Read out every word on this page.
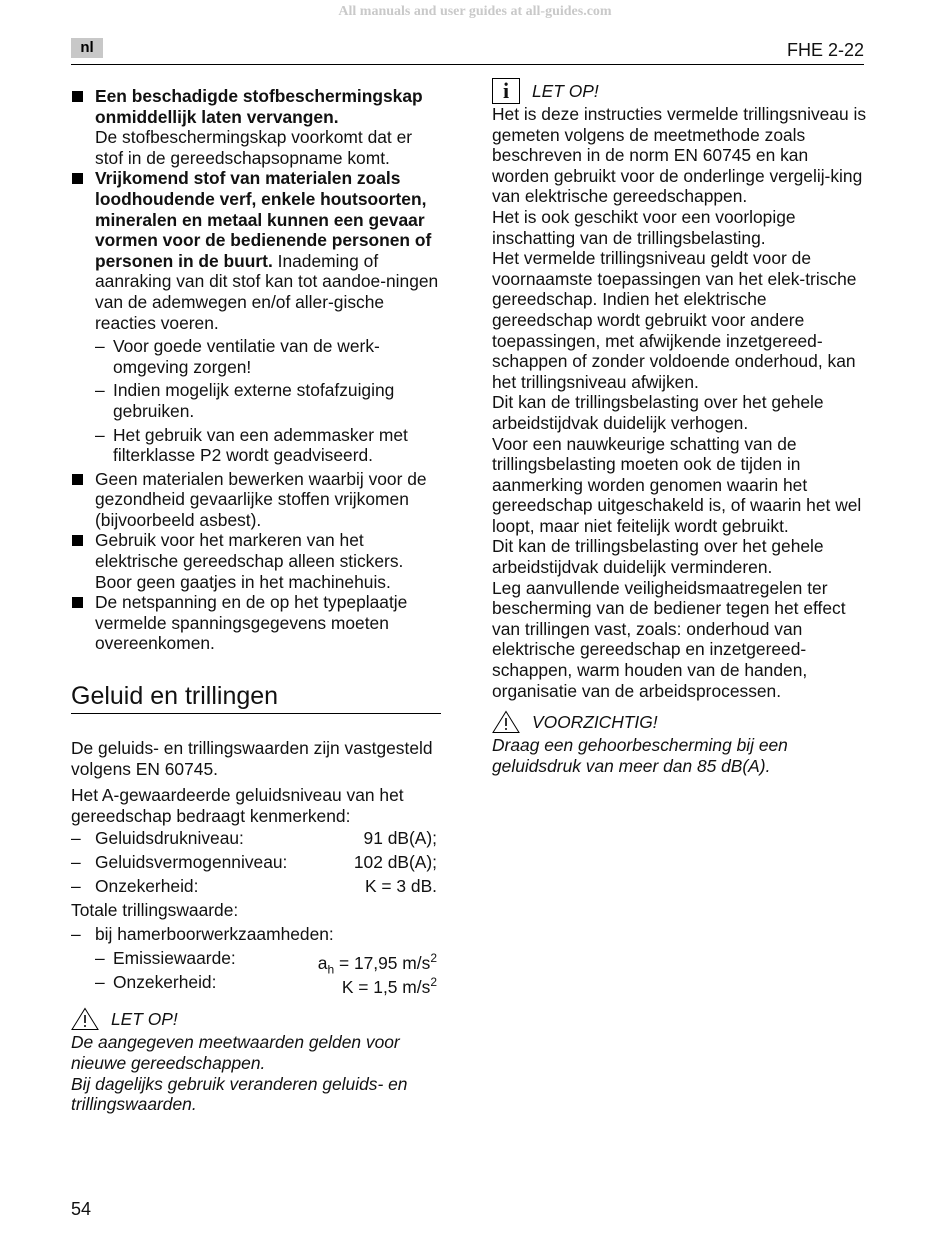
All manuals and user guides at all-guides.com
nl	FHE 2-22
Een beschadigde stofbeschermingskap onmiddellijk laten vervangen.
De stofbeschermingskap voorkomt dat er stof in de gereedschapsopname komt.
Vrijkomend stof van materialen zoals loodhoudende verf, enkele houtsoorten, mineralen en metaal kunnen een gevaar vormen voor de bedienende personen of personen in de buurt. Inademing of aanraking van dit stof kan tot aandoe-ningen van de ademwegen en/of aller-gische reacties voeren.
– Voor goede ventilatie van de werk-omgeving zorgen!
– Indien mogelijk externe stofafzuiging gebruiken.
– Het gebruik van een ademmasker met filterklasse P2 wordt geadviseerd.
Geen materialen bewerken waarbij voor de gezondheid gevaarlijke stoffen vrijkomen (bijvoorbeeld asbest).
Gebruik voor het markeren van het elektrische gereedschap alleen stickers. Boor geen gaatjes in het machinehuis.
De netspanning en de op het typeplaatje vermelde spanningsgegevens moeten overeenkomen.
Geluid en trillingen
De geluids- en trillingswaarden zijn vastgesteld volgens EN 60745.
Het A-gewaardeerde geluidsniveau van het gereedschap bedraagt kenmerkend:
– Geluidsdrukniveau:	91 dB(A);
– Geluidsvermogenniveau:	102 dB(A);
– Onzekerheid:	K = 3 dB.
Totale trillingswaarde:
– bij hamerboorwerkzaamheden:
– Emissiewaarde:	$a_h = 17,95$ $m/s^2$
– Onzekerheid:	K = 1,5 $m/s^2$
LET OP!
De aangegeven meetwaarden gelden voor nieuwe gereedschappen.
Bij dagelijks gebruik veranderen geluids- en trillingswaarden.
i	LET OP!
Het is deze instructies vermelde trillingsniveau is gemeten volgens de meetmethode zoals beschreven in de norm EN 60745 en kan worden gebruikt voor de onderlinge vergelij-king van elektrische gereedschappen.
Het is ook geschikt voor een voorlopige inschatting van de trillingsbelasting.
Het vermelde trillingsniveau geldt voor de voornaamste toepassingen van het elek-trische gereedschap. Indien het elektrische gereedschap wordt gebruikt voor andere toepassingen, met afwijkende inzetgereed-schappen of zonder voldoende onderhoud, kan het trillingsniveau afwijken.
Dit kan de trillingsbelasting over het gehele arbeidstijdvak duidelijk verhogen.
Voor een nauwkeurige schatting van de trillingsbelasting moeten ook de tijden in aanmerking worden genomen waarin het gereedschap uitgeschakeld is, of waarin het wel loopt, maar niet feitelijk wordt gebruikt.
Dit kan de trillingsbelasting over het gehele arbeidstijdvak duidelijk verminderen.
Leg aanvullende veiligheidsmaatregelen ter bescherming van de bediener tegen het effect van trillingen vast, zoals: onderhoud van elektrische gereedschap en inzetgereed-schappen, warm houden van de handen, organisatie van de arbeidsprocessen.
VOORZICHTIG!
Draag een gehoorbescherming bij een geluidsdruk van meer dan 85 dB(A).
54
